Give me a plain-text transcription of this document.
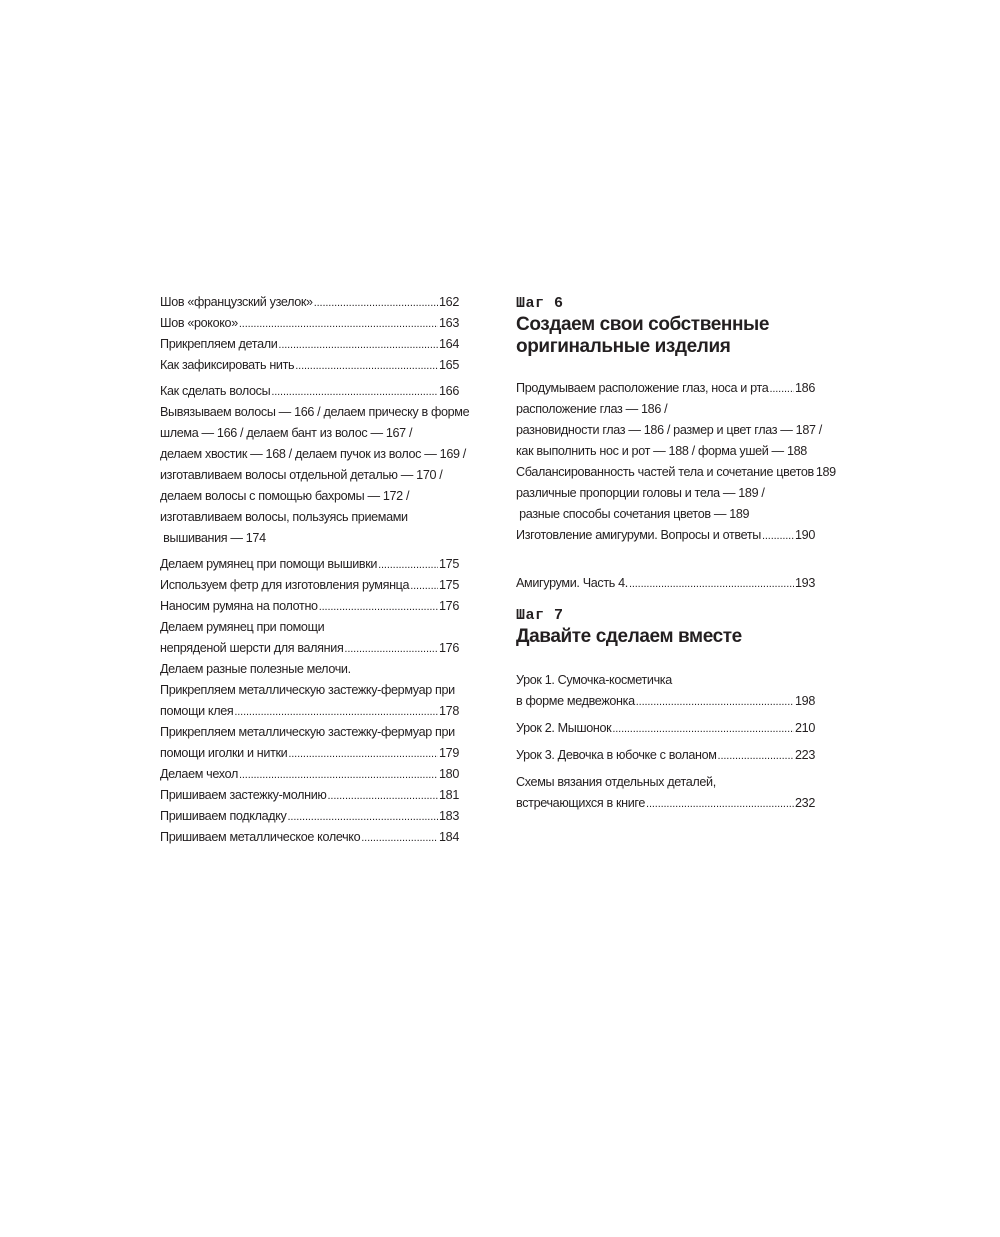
Шов «французский узелок» . . .	162
Шов «рококо» . . .	163
Прикрепляем детали . . .	164
Как зафиксировать нить . . .	165
Как сделать волосы . . .	166
Вывязываем волосы — 166 / делаем прическу в форме
шлема — 166 / делаем бант из волос — 167 /
делаем хвостик — 168 / делаем пучок из волос — 169 /
изготавливаем волосы отдельной деталью — 170 /
делаем волосы с помощью бахромы — 172 /
изготавливаем волосы, пользуясь приемами
вышивания — 174
Делаем румянец при помощи вышивки . . .	175
Используем фетр для изготовления румянца . . . 175
Наносим румяна на полотно . . .	176
Делаем румянец при помощи
непряденой шерсти для валяния . . .	176
Делаем разные полезные мелочи.
Прикрепляем металлическую застежку-фермуар при
помощи клея . . .	178
Прикрепляем металлическую застежку-фермуар при
помощи иголки и нитки . . .	179
Делаем чехол . . .	180
Пришиваем застежку-молнию . . .	181
Пришиваем подкладку . . .	183
Пришиваем металлическое колечко . . .	184
Шаг 6
Создаем свои собственные
оригинальные изделия
Продумываем расположение глаз, носа и рта . . . 186
расположение глаз — 186 /
разновидности глаз — 186 / размер и цвет глаз — 187 /
как выполнить нос и рот — 188 / форма ушей — 188
Сбалансированность частей тела и сочетание цветов 189
различные пропорции головы и тела — 189 /
разные способы сочетания цветов — 189
Изготовление амигуруми. Вопросы и ответы . . .	190
Амигуруми. Часть 4. . . .	193
Шаг 7
Давайте сделаем вместе
Урок 1. Сумочка-косметичка
в форме медвежонка . . .	198
Урок 2. Мышонок . . .	210
Урок 3. Девочка в юбочке с воланом . . .	223
Схемы вязания отдельных деталей,
встречающихся в книге . . .	232
